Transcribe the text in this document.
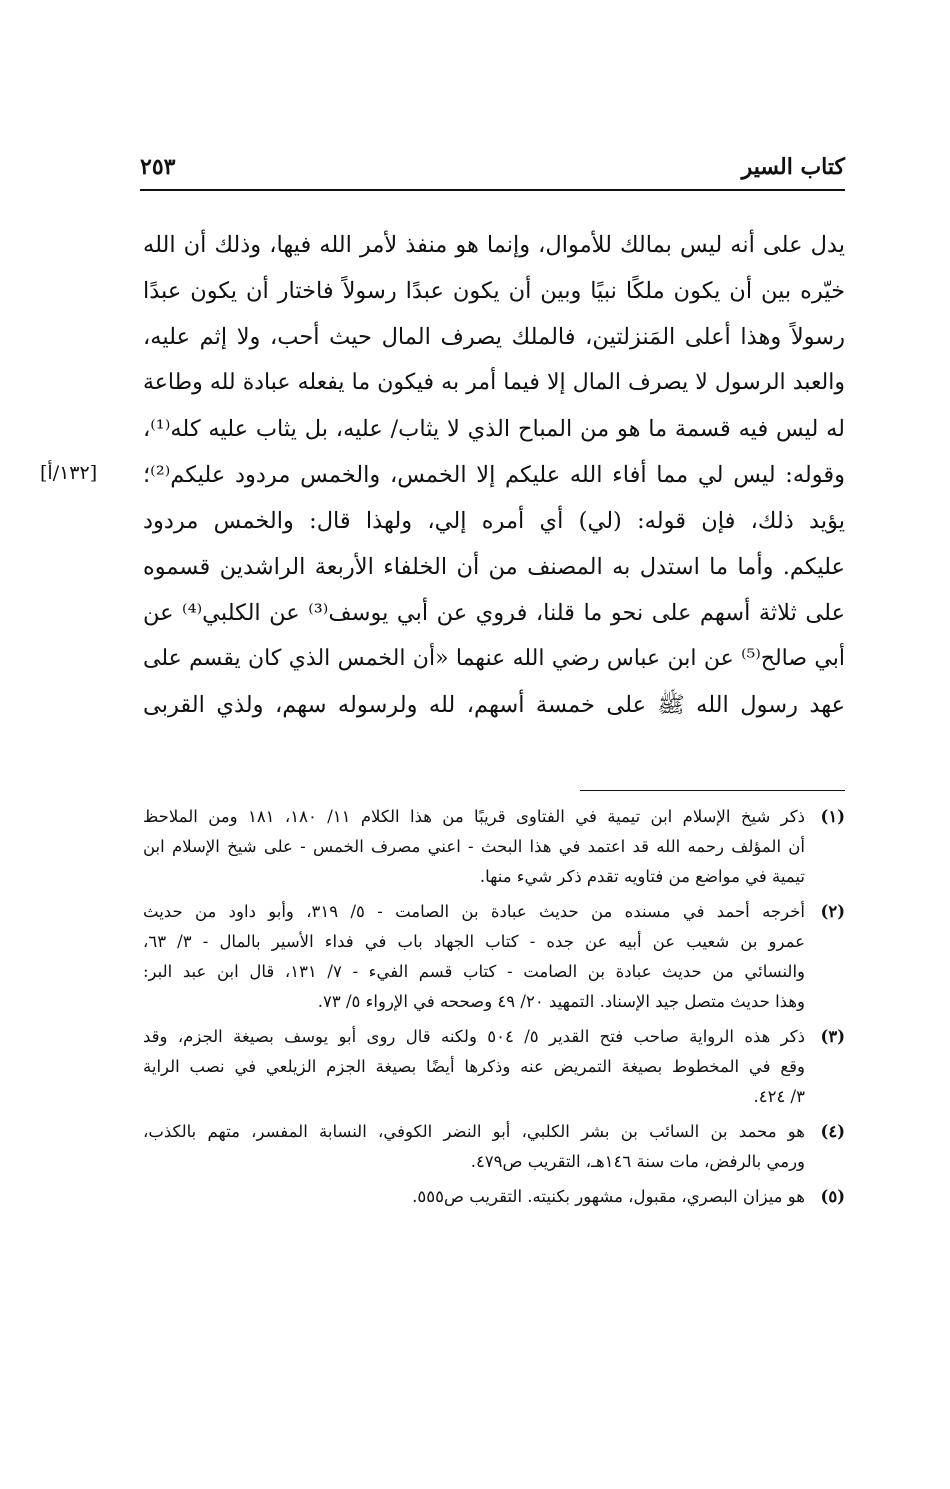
كتاب السير
٢٥٣
[١٣٢/أ]
يدل على أنه ليس بمالك للأموال، وإنما هو منفذ لأمر الله فيها، وذلك أن الله
خيّره بين أن يكون ملكًا نبيًا وبين أن يكون عبدًا رسولاً فاختار أن يكون عبدًا
رسولاً وهذا أعلى المَنزلتين، فالملك يصرف المال حيث أحب، ولا إثم عليه،
والعبد الرسول لا يصرف المال إلا فيما أمر به فيكون ما يفعله عبادة لله وطاعة
له ليس فيه قسمة ما هو من المباح الذي لا يثاب/ عليه، بل يثاب عليه كله⁽¹⁾،
وقوله: ليس لي مما أفاء الله عليكم إلا الخمس، والخمس مردود عليكم⁽²⁾؛
يؤيد ذلك، فإن قوله: (لي) أي أمره إلي، ولهذا قال: والخمس مردود
عليكم. وأما ما استدل به المصنف من أن الخلفاء الأربعة الراشدين قسموه
على ثلاثة أسهم على نحو ما قلنا، فروي عن أبي يوسف⁽³⁾ عن الكلبي⁽⁴⁾ عن
أبي صالح⁽⁵⁾ عن ابن عباس رضي الله عنهما «أن الخمس الذي كان يقسم على
عهد رسول الله ﷺ على خمسة أسهم، لله ولرسوله سهم، ولذي القربى
(١)
ذكر شيخ الإسلام ابن تيمية في الفتاوى قريبًا من هذا الكلام ١١/ ١٨٠، ١٨١ ومن الملاحظ
أن المؤلف رحمه الله قد اعتمد في هذا البحث - اعني مصرف الخمس - على شيخ الإسلام ابن
تيمية في مواضع من فتاويه تقدم ذكر شيء منها.
(٢)
أخرجه أحمد في مسنده من حديث عبادة بن الصامت - ٥/ ٣١٩، وأبو داود من حديث
عمرو بن شعيب عن أبيه عن جده - كتاب الجهاد باب في فداء الأسير بالمال - ٣/ ٦٣،
والنسائي من حديث عبادة بن الصامت - كتاب قسم الفيء - ٧/ ١٣١، قال ابن عبد البر:
وهذا حديث متصل جيد الإسناد. التمهيد ٢٠/ ٤٩ وصححه في الإرواء ٥/ ٧٣.
(٣)
ذكر هذه الرواية صاحب فتح القدير ٥/ ٥٠٤ ولكنه قال روى أبو يوسف بصيغة الجزم، وقد
وقع في المخطوط بصيغة التمريض عنه وذكرها أيضًا بصيغة الجزم الزيلعي في نصب الراية
٣/ ٤٢٤.
(٤)
هو محمد بن السائب بن بشر الكلبي، أبو النضر الكوفي، النسابة المفسر، متهم بالكذب،
ورمي بالرفض، مات سنة ١٤٦هـ، التقريب ص٤٧٩.
(٥)
هو ميزان البصري، مقبول، مشهور بكنيته. التقريب ص٥٥٥.
